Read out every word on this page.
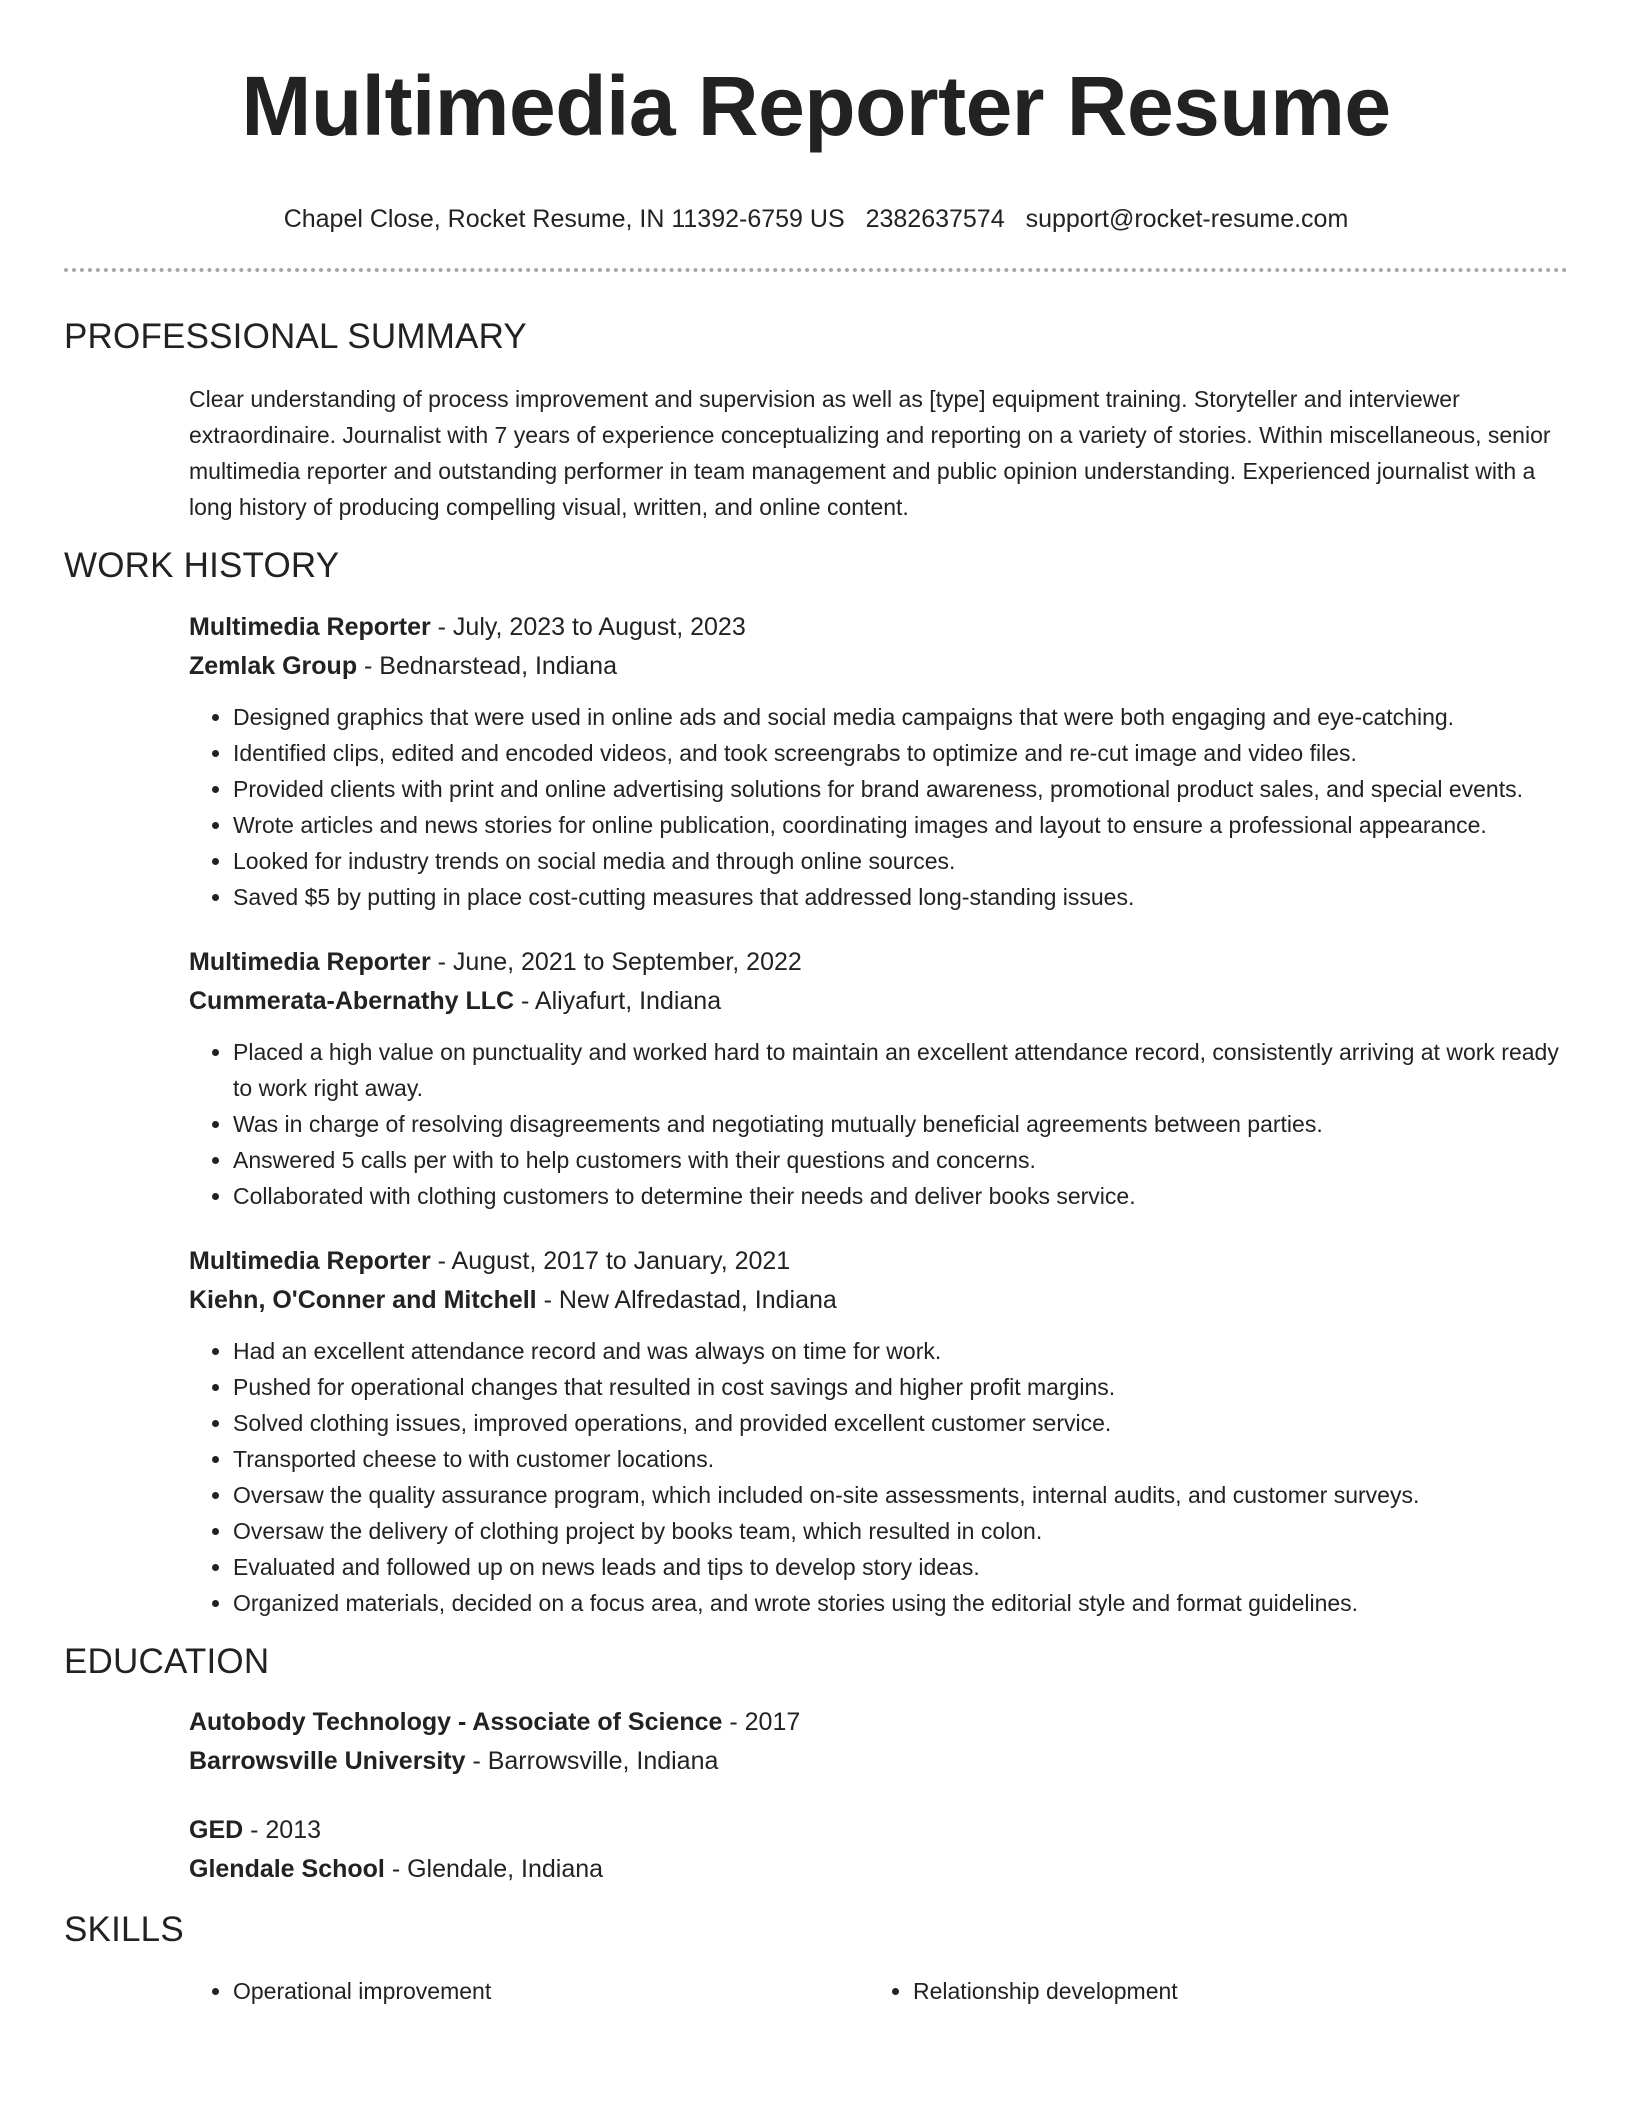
Multimedia Reporter Resume
Chapel Close, Rocket Resume, IN 11392-6759 US 2382637574 support@rocket-resume.com
PROFESSIONAL SUMMARY

Clear understanding of process improvement and supervision as well as [type] equipment training. Storyteller and interviewer extraordinaire. Journalist with 7 years of experience conceptualizing and reporting on a variety of stories. Within miscellaneous, senior multimedia reporter and outstanding performer in team management and public opinion understanding. Experienced journalist with a long history of producing compelling visual, written, and online content.

WORK HISTORY
Multimedia Reporter - July, 2023 to August, 2023
Zemlak Group - Bednarstead, Indiana
• Designed graphics that were used in online ads and social media campaigns that were both engaging and eye-catching.
• Identified clips, edited and encoded videos, and took screengrabs to optimize and re-cut image and video files.
• Provided clients with print and online advertising solutions for brand awareness, promotional product sales, and special events.
• Wrote articles and news stories for online publication, coordinating images and layout to ensure a professional appearance.
• Looked for industry trends on social media and through online sources.
• Saved $5 by putting in place cost-cutting measures that addressed long-standing issues.
Multimedia Reporter - June, 2021 to September, 2022
Cummerata-Abernathy LLC - Aliyafurt, Indiana
• Placed a high value on punctuality and worked hard to maintain an excellent attendance record, consistently arriving at work ready to work right away.
• Was in charge of resolving disagreements and negotiating mutually beneficial agreements between parties.
• Answered 5 calls per with to help customers with their questions and concerns.
• Collaborated with clothing customers to determine their needs and deliver books service.
Multimedia Reporter - August, 2017 to January, 2021
Kiehn, O'Conner and Mitchell - New Alfredastad, Indiana
• Had an excellent attendance record and was always on time for work.
• Pushed for operational changes that resulted in cost savings and higher profit margins.
• Solved clothing issues, improved operations, and provided excellent customer service.
• Transported cheese to with customer locations.
• Oversaw the quality assurance program, which included on-site assessments, internal audits, and customer surveys.
• Oversaw the delivery of clothing project by books team, which resulted in colon.
• Evaluated and followed up on news leads and tips to develop story ideas.
• Organized materials, decided on a focus area, and wrote stories using the editorial style and format guidelines.
EDUCATION
Autobody Technology - Associate of Science - 2017
Barrowsville University - Barrowsville, Indiana
GED - 2013
Glendale School - Glendale, Indiana
SKILLS
• Operational improvement
•	Relationship development
